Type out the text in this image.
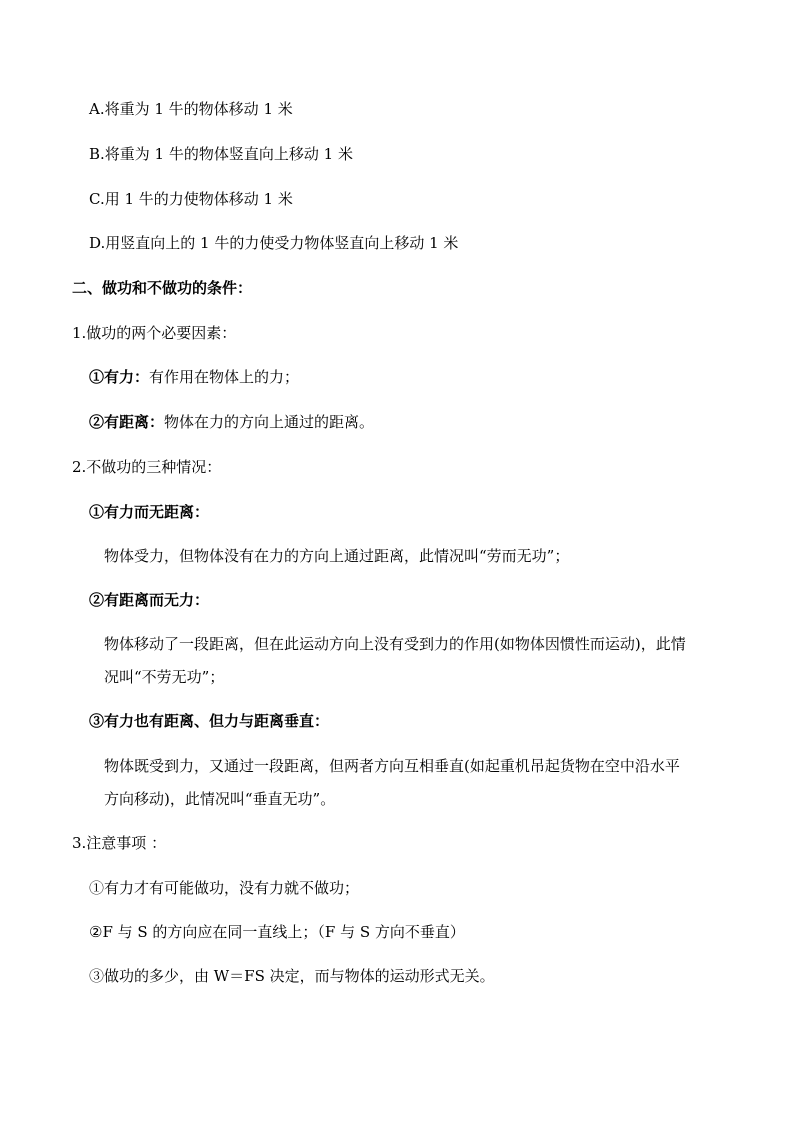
A.将重为 1 牛的物体移动 1 米
B.将重为 1 牛的物体竖直向上移动 1 米
C.用 1 牛的力使物体移动 1 米
D.用竖直向上的 1 牛的力使受力物体竖直向上移动 1 米
二、做功和不做功的条件：
1.做功的两个必要因素：
①有力： 有作用在物体上的力；
②有距离： 物体在力的方向上通过的距离。
2.不做功的三种情况：
①有力而无距离：
物体受力，但物体没有在力的方向上通过距离，此情况叫“劳而无功”；
②有距离而无力：
物体移动了一段距离，但在此运动方向上没有受到力的作用(如物体因惯性而运动)，此情
况叫“不劳无功”；
③有力也有距离、但力与距离垂直：
物体既受到力，又通过一段距离，但两者方向互相垂直(如起重机吊起货物在空中沿水平
方向移动)，此情况叫“垂直无功”。
3.注意事项 ：
①有力才有可能做功，没有力就不做功；
②F 与 S 的方向应在同一直线上；（F 与 S 方向不垂直）
③做功的多少，由 W＝FS 决定，而与物体的运动形式无关。
